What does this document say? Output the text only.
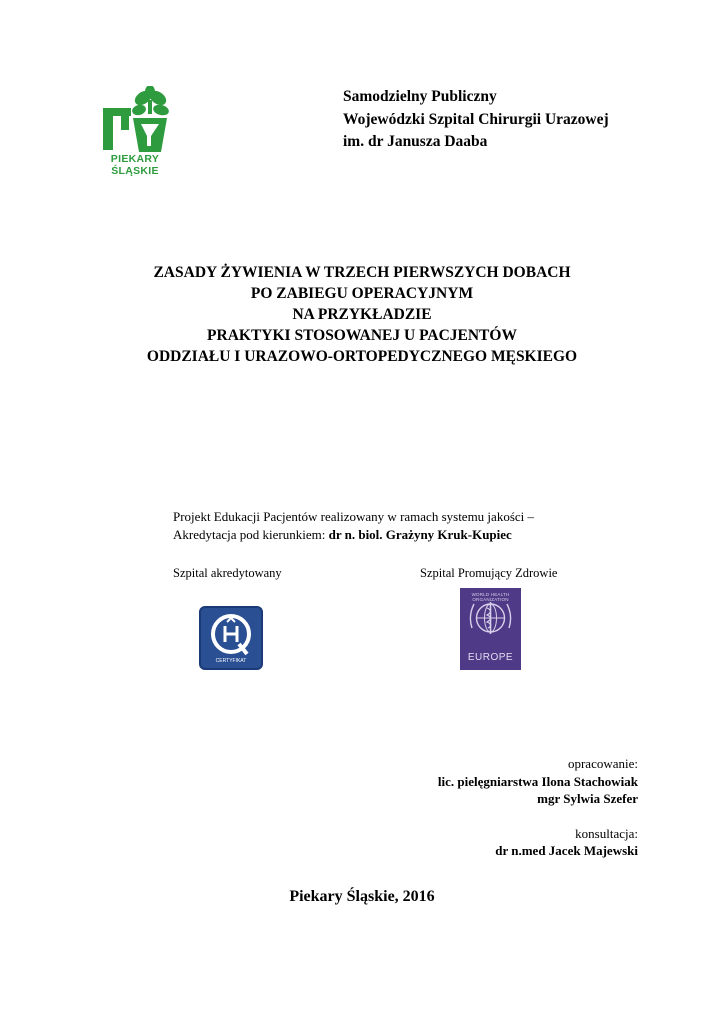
PIEKARY
ŚLĄSKIE
Samodzielny Publiczny
Wojewódzki Szpital Chirurgii Urazowej
im. dr Janusza Daaba
ZASADY ŻYWIENIA W TRZECH PIERWSZYCH DOBACH
PO ZABIEGU OPERACYJNYM
NA PRZYKŁADZIE
PRAKTYKI STOSOWANEJ U PACJENTÓW
ODDZIAŁU I URAZOWO-ORTOPEDYCZNEGO MĘSKIEGO
Projekt Edukacji Pacjentów realizowany w ramach systemu jakości –
Akredytacja pod kierunkiem: dr n. biol. Grażyny Kruk-Kupiec
Szpital akredytowany	Szpital Promujący Zdrowie
CERTYFIKAT
WORLD HEALTH ORGANIZATION
EUROPE
opracowanie:
lic. pielęgniarstwa Ilona Stachowiak
mgr Sylwia Szefer
konsultacja:
dr n.med Jacek Majewski
Piekary Śląskie, 2016
